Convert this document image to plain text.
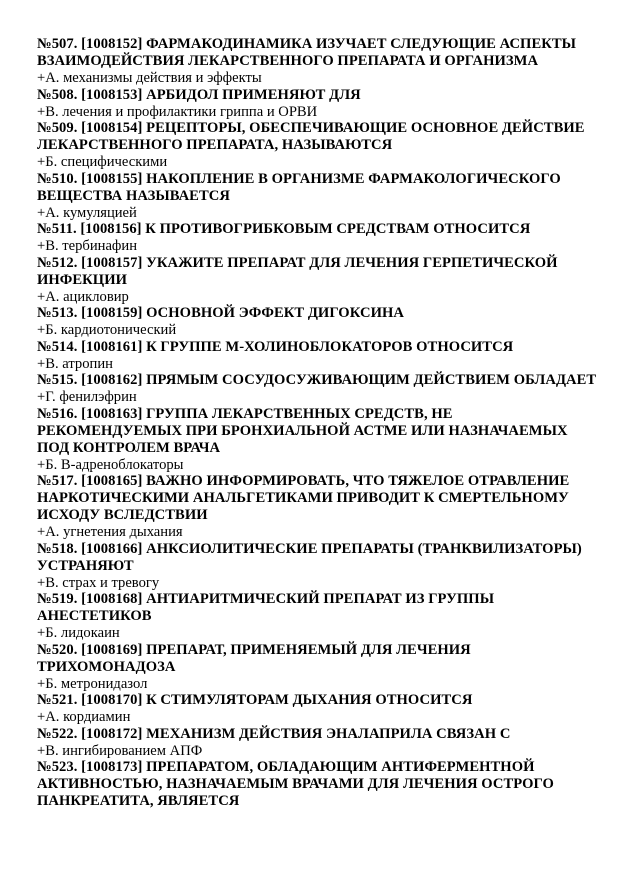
№507. [1008152] ФАРМАКОДИНАМИКА ИЗУЧАЕТ СЛЕДУЮЩИЕ АСПЕКТЫ ВЗАИМОДЕЙСТВИЯ ЛЕКАРСТВЕННОГО ПРЕПАРАТА И ОРГАНИЗМА

+А. механизмы действия и эффекты

№508. [1008153] АРБИДОЛ ПРИМЕНЯЮТ ДЛЯ

+В. лечения и профилактики гриппа и ОРВИ

№509. [1008154] РЕЦЕПТОРЫ, ОБЕСПЕЧИВАЮЩИЕ ОСНОВНОЕ ДЕЙСТВИЕ ЛЕКАРСТВЕННОГО ПРЕПАРАТА, НАЗЫВАЮТСЯ

+Б. специфическими

№510. [1008155] НАКОПЛЕНИЕ В ОРГАНИЗМЕ ФАРМАКОЛОГИЧЕСКОГО ВЕЩЕСТВА НАЗЫВАЕТСЯ

+А. кумуляцией

№511. [1008156] К ПРОТИВОГРИБКОВЫМ СРЕДСТВАМ ОТНОСИТСЯ

+В. тербинафин

№512. [1008157] УКАЖИТЕ ПРЕПАРАТ ДЛЯ ЛЕЧЕНИЯ ГЕРПЕТИЧЕСКОЙ ИНФЕКЦИИ

+А. ацикловир

№513. [1008159] ОСНОВНОЙ ЭФФЕКТ ДИГОКСИНА

+Б. кардиотонический

№514. [1008161] К ГРУППЕ М-ХОЛИНОБЛОКАТОРОВ ОТНОСИТСЯ

+В. атропин

№515. [1008162] ПРЯМЫМ СОСУДОСУЖИВАЮЩИМ ДЕЙСТВИЕМ ОБЛАДАЕТ

+Г. фенилэфрин

№516. [1008163] ГРУППА ЛЕКАРСТВЕННЫХ СРЕДСТВ, НЕ РЕКОМЕНДУЕМЫХ ПРИ БРОНХИАЛЬНОЙ АСТМЕ ИЛИ НАЗНАЧАЕМЫХ ПОД КОНТРОЛЕМ ВРАЧА

+Б. В-адреноблокаторы

№517. [1008165] ВАЖНО ИНФОРМИРОВАТЬ, ЧТО ТЯЖЕЛОЕ ОТРАВЛЕНИЕ НАРКОТИЧЕСКИМИ АНАЛЬГЕТИКАМИ ПРИВОДИТ К СМЕРТЕЛЬНОМУ ИСХОДУ ВСЛЕДСТВИИ

+А. угнетения дыхания

№518. [1008166] АНКСИОЛИТИЧЕСКИЕ ПРЕПАРАТЫ (ТРАНКВИЛИЗАТОРЫ) УСТРАНЯЮТ

+В. страх и тревогу

№519. [1008168] АНТИАРИТМИЧЕСКИЙ ПРЕПАРАТ ИЗ ГРУППЫ АНЕСТЕТИКОВ

+Б. лидокаин

№520. [1008169] ПРЕПАРАТ, ПРИМЕНЯЕМЫЙ ДЛЯ ЛЕЧЕНИЯ ТРИХОМОНАДОЗА

+Б. метронидазол

№521. [1008170] К СТИМУЛЯТОРАМ ДЫХАНИЯ ОТНОСИТСЯ

+А. кордиамин

№522. [1008172] МЕХАНИЗМ ДЕЙСТВИЯ ЭНАЛАПРИЛА СВЯЗАН С

+В. ингибированием АПФ

№523. [1008173] ПРЕПАРАТОМ, ОБЛАДАЮЩИМ АНТИФЕРМЕНТНОЙ АКТИВНОСТЬЮ, НАЗНАЧАЕМЫМ ВРАЧАМИ ДЛЯ ЛЕЧЕНИЯ ОСТРОГО ПАНКРЕАТИТА, ЯВЛЯЕТСЯ
